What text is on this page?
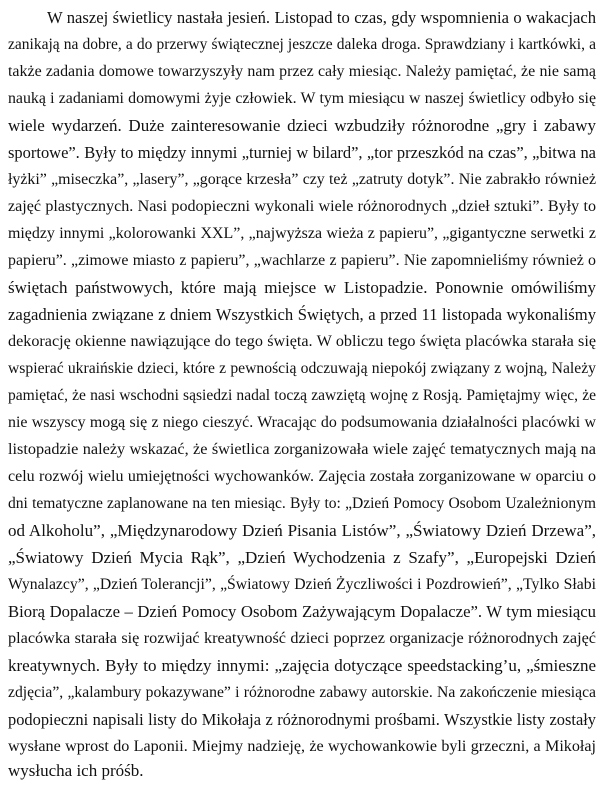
W naszej świetlicy nastała jesień. Listopad to czas, gdy wspomnienia o wakacjach
zanikają na dobre, a do przerwy świątecznej jeszcze daleka droga. Sprawdziany i kartkówki, a
także zadania domowe towarzyszyły nam przez cały miesiąc. Należy pamiętać, że nie samą
nauką i zadaniami domowymi żyje człowiek. W tym miesiącu w naszej świetlicy odbyło się
wiele wydarzeń. Duże zainteresowanie dzieci wzbudziły różnorodne „gry i zabawy
sportowe”. Były to między innymi „turniej w bilard”, „tor przeszkód na czas”, „bitwa na
łyżki” „miseczka”, „lasery”, „gorące krzesła” czy też „zatruty dotyk”. Nie zabrakło również
zajęć plastycznych. Nasi podopieczni wykonali wiele różnorodnych „dzieł sztuki”. Były to
między innymi „kolorowanki XXL”, „najwyższa wieża z papieru”, „gigantyczne serwetki z
papieru”. „zimowe miasto z papieru”, „wachlarze z papieru”. Nie zapomnieliśmy również o
świętach państwowych, które mają miejsce w Listopadzie. Ponownie omówiliśmy
zagadnienia związane z dniem Wszystkich Świętych, a przed 11 listopada wykonaliśmy
dekorację okienne nawiązujące do tego święta. W obliczu tego święta placówka starała się
wspierać ukraińskie dzieci, które z pewnością odczuwają niepokój związany z wojną, Należy
pamiętać, że nasi wschodni sąsiedzi nadal toczą zawziętą wojnę z Rosją. Pamiętajmy więc, że
nie wszyscy mogą się z niego cieszyć. Wracając do podsumowania działalności placówki w
listopadzie należy wskazać, że świetlica zorganizowała wiele zajęć tematycznych mają na
celu rozwój wielu umiejętności wychowanków. Zajęcia została zorganizowane w oparciu o
dni tematyczne zaplanowane na ten miesiąc. Były to: „Dzień Pomocy Osobom Uzależnionym
od Alkoholu”, „Międzynarodowy Dzień Pisania Listów”, „Światowy Dzień Drzewa”,
„Światowy Dzień Mycia Rąk”, „Dzień Wychodzenia z Szafy”, „Europejski Dzień
Wynalazcy”, „Dzień Tolerancji”, „Światowy Dzień Życzliwości i Pozdrowień”, „Tylko Słabi
Biorą Dopalacze – Dzień Pomocy Osobom Zażywającym Dopalacze”. W tym miesiącu
placówka starała się rozwijać kreatywność dzieci poprzez organizacje różnorodnych zajęć
kreatywnych. Były to między innymi: „zajęcia dotyczące speedstacking’u, „śmieszne
zdjęcia”, „kalambury pokazywane” i różnorodne zabawy autorskie. Na zakończenie miesiąca
podopieczni napisali listy do Mikołaja z różnorodnymi prośbami. Wszystkie listy zostały
wysłane wprost do Laponii. Miejmy nadzieję, że wychowankowie byli grzeczni, a Mikołaj
wysłucha ich próśb.
